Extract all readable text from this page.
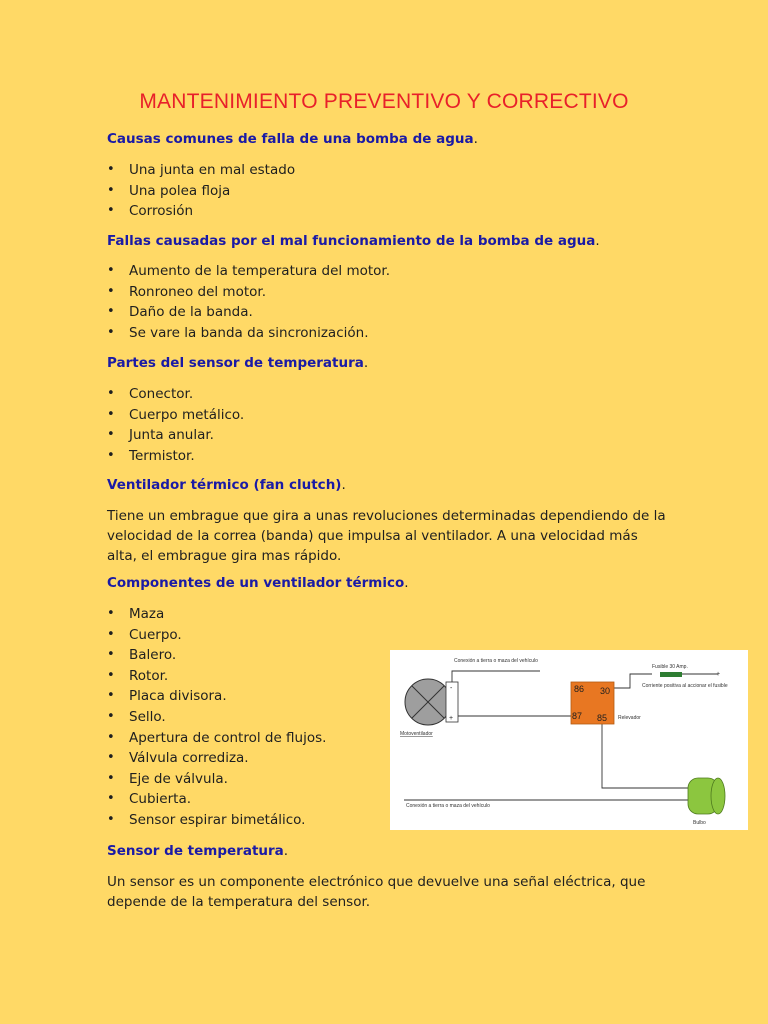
MANTENIMIENTO PREVENTIVO Y CORRECTIVO
Causas comunes de falla de una bomba de agua.
• Una junta en mal estado
• Una polea floja
• Corrosión
Fallas causadas por el mal funcionamiento de la bomba de agua.
• Aumento de la temperatura del motor.
• Ronroneo del motor.
• Daño de la banda.
• Se vare la banda da sincronización.
Partes del sensor de temperatura.
• Conector.
• Cuerpo metálico.
• Junta anular.
• Termistor.
Ventilador térmico (fan clutch).

Tiene un embrague que gira a unas revoluciones determinadas dependiendo de la velocidad de la correa (banda) que impulsa al ventilador. A una velocidad más alta, el embrague gira mas rápido.

Componentes de un ventilador térmico.
• Maza
• Cuerpo.
• Balero.
• Rotor.
• Placa divisora.
• Sello.
• Apertura de control de flujos.
• Válvula corrediza.
• Eje de válvula.
• Cubierta.
• Sensor espirar bimetálico.
Sensor de temperatura.

Un sensor es un componente electrónico que devuelve una señal eléctrica, que depende de la temperatura del sensor.

-
+
86 30
87 85
+
Conexión a tierra o maza del vehículo
Fusible 30 Amp.
Corriente positiva al accionar el fusible
Motoventilador
Relevador
Conexión a tierra o maza del vehículo
Bulbo
